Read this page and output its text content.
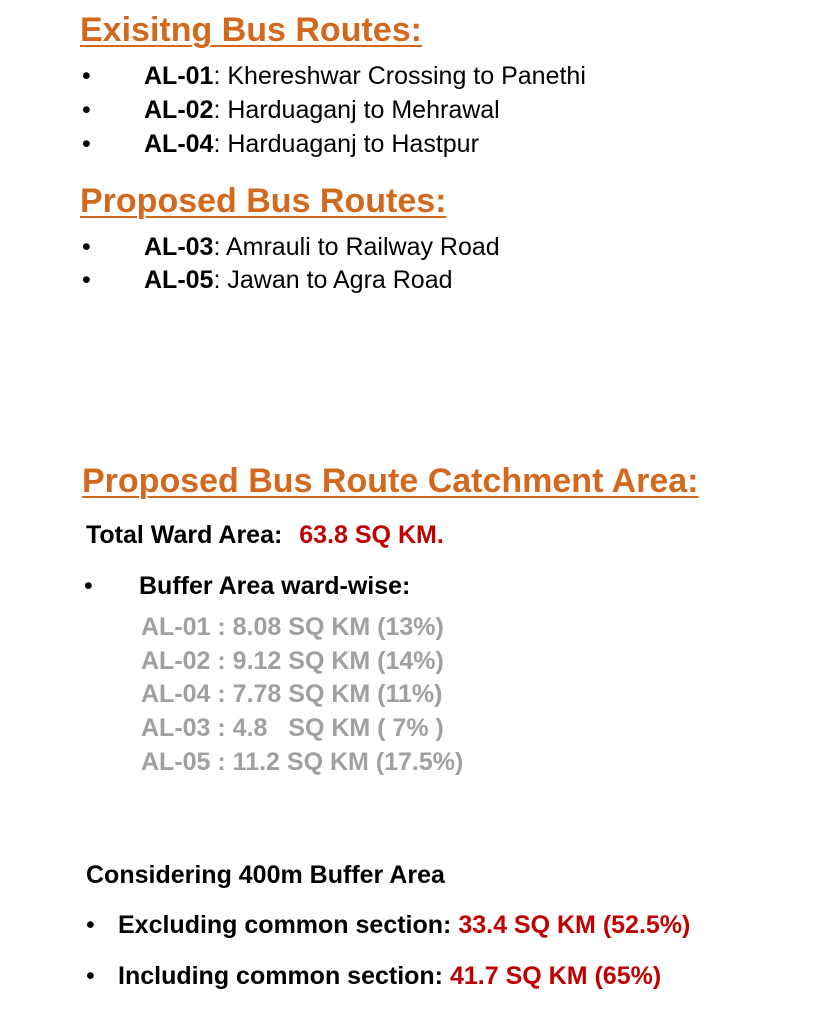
Exisitng Bus Routes:
• AL-01: Khereshwar Crossing to Panethi
• AL-02: Harduaganj to Mehrawal
• AL-04: Harduaganj to Hastpur
Proposed Bus Routes:
• AL-03: Amrauli to Railway Road
• AL-05: Jawan to Agra Road
Proposed Bus Route Catchment Area:
Total Ward Area: 63.8 SQ KM.
• Buffer Area ward-wise:
AL-01 : 8.08 SQ KM (13%)
AL-02 : 9.12 SQ KM (14%)
AL-04 : 7.78 SQ KM (11%)
AL-03 : 4.8   SQ KM ( 7% )
AL-05 : 11.2 SQ KM (17.5%)
Considering 400m Buffer Area
• Excluding common section: 33.4 SQ KM (52.5%)
• Including common section: 41.7 SQ KM (65%)
